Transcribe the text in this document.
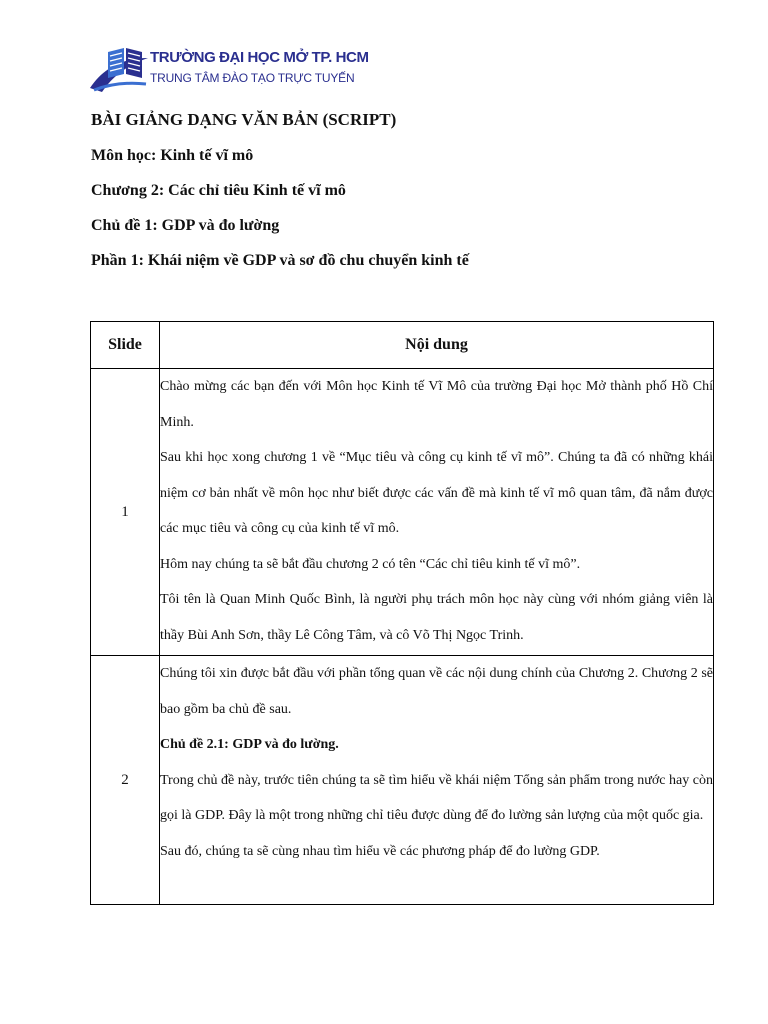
TRƯỜNG ĐẠI HỌC MỞ TP. HCM
TRUNG TÂM ĐÀO TẠO TRỰC TUYẾN
BÀI GIẢNG DẠNG VĂN BẢN (SCRIPT)
Môn học: Kinh tế vĩ mô
Chương 2: Các chỉ tiêu Kinh tế vĩ mô
Chủ đề 1: GDP và đo lường
Phần 1: Khái niệm về GDP và sơ đồ chu chuyển kinh tế
Slide	Nội dung
1	Chào mừng các bạn đến với Môn học Kinh tế Vĩ Mô của trường Đại học Mở thành phố Hồ Chí Minh.

Sau khi học xong chương 1 về “Mục tiêu và công cụ kinh tế vĩ mô”. Chúng ta đã có những khái niệm cơ bản nhất về môn học như biết được các vấn đề mà kinh tế vĩ mô quan tâm, đã nắm được các mục tiêu và công cụ của kinh tế vĩ mô.

Hôm nay chúng ta sẽ bắt đầu chương 2 có tên “Các chỉ tiêu kinh tế vĩ mô”.

Tôi tên là Quan Minh Quốc Bình, là người phụ trách môn học này cùng với nhóm giảng viên là thầy Bùi Anh Sơn, thầy Lê Công Tâm, và cô Võ Thị Ngọc Trinh.

2	Chúng tôi xin được bắt đầu với phần tổng quan về các nội dung chính của Chương 2. Chương 2 sẽ bao gồm ba chủ đề sau.

Chủ đề 2.1: GDP và đo lường.

Trong chủ đề này, trước tiên chúng ta sẽ tìm hiểu về khái niệm Tổng sản phẩm trong nước hay còn gọi là GDP. Đây là một trong những chỉ tiêu được dùng để đo lường sản lượng của một quốc gia.

Sau đó, chúng ta sẽ cùng nhau tìm hiểu về các phương pháp để đo lường GDP.
